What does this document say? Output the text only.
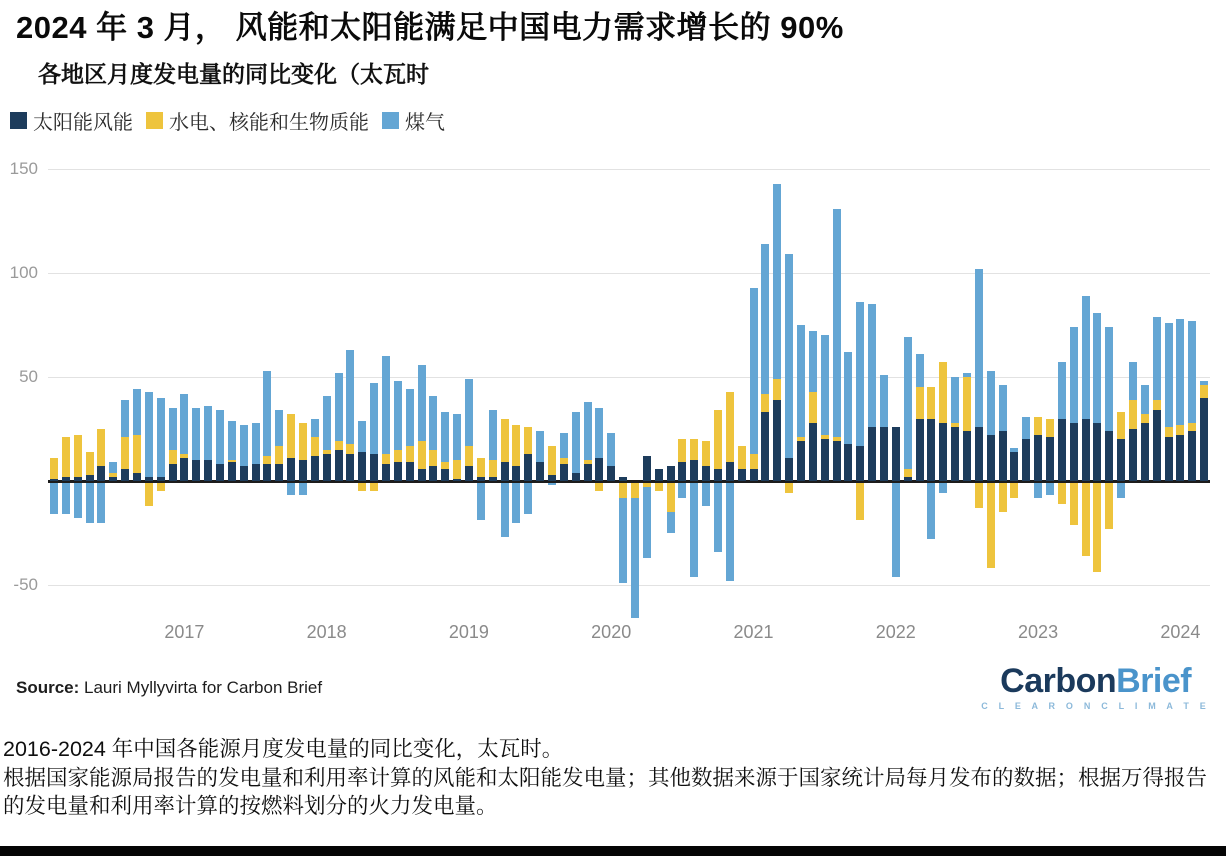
2024 年 3 月， 风能和太阳能满足中国电力需求增长的 90%
各地区月度发电量的同比变化（太瓦时
太阳能风能 水电、核能和生物质能 煤气
150
100
50
-50
2017	2018	2019	2020	2021	2022	2023	2024
Source: Lauri Myllyvirta for Carbon Brief	CarbonBrief
C L E A R O N C L I M A T E

2016-2024 年中国各能源月度发电量的同比变化，太瓦时。

根据国家能源局报告的发电量和利用率计算的风能和太阳能发电量；其他数据来源于国家统计局每月发布的数据；根据万得报告的发电量和利用率计算的按燃料划分的火力发电量。
